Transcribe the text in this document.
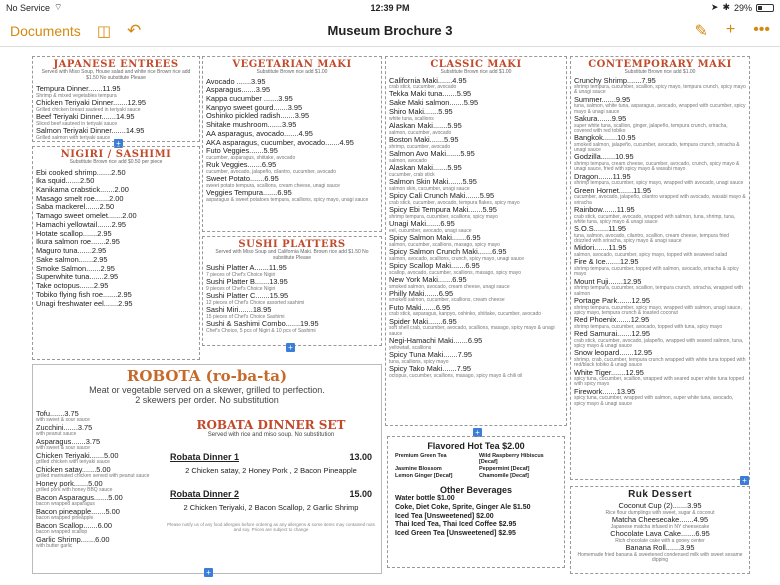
No Service ⌔	12:39 PM	➤ ✱ 29%
Documents ◫ ↶	Museum Brochure 3	✎ + •••
JAPANESE ENTREES
Served with Miso Soup, House salad and white rice Brown rice add $1.50 No substitute Please
Tempura Dinner.......11.95
Shrimp & mixed vegetables tempura
Chicken Teriyaki Dinner.......12.95
Grilled chicken breast sauteed in teriyaki sauce
Beef Teriyaki Dinner.......14.95
Sliced beef sauteed in teriyaki sauce
Salmon Teriyaki Dinner.......14.95
Grilled salmon with teriyaki sauce
+
NIGIRI / SASHIMI
Substitute Brown rice add $0.50 per piece
Ebi cooked shrimp.......2.50
Ika squid.......2.50
Kanikama crabstick.......2.00
Masago smelt roe.......2.00
Saba mackerel.......2.50
Tamago sweet omelet.......2.00
Hamachi yellowtail.......2.95
Hotate scallop.......2.95
Ikura salmon roe.......2.95
Maguro tuna.......2.95
Sake salmon.......2.95
Smoke Salmon.......2.95
Superwhite tuna.......2.95
Take octopus.......2.95
Tobiko flying fish roe.......2.95
Unagi freshwater eel.......2.95
VEGETARIAN MAKI
Substitute Brown rice add $1.00
Avocado .......3.95
Asparagus.......3.95
Kappa cucumber .......3.95
Kanpyo sweet gourd.......3.95
Oshinko pickled radish.......3.95
Shitake mushroom.......3.95
AA asparagus, avocado.......4.95
AKA asparagus, cucumber, avocado.......4.95
Futo Veggies.......5.95
cucumber, asparagus, shiitake, avocado
Ruk Veggies.......6.95
cucumber, avocado, jalapeño, cilantro, cucumber, avocado
Sweet Potato.......6.95
sweet potato tempura, scallions, cream cheese, unagi sauce
Veggies Tempura.......6.95
asparagus & sweet potatoes tempura, scallions, spicy mayo, unagi sauce
SUSHI PLATTERS
Served with Miso Soup and California Maki. Brown rice add $1.50 No substitute Please
Sushi Platter A.......11.95
7 pieces of Chef's Choice Nigiri
Sushi Platter B.......13.95
9 pieces of Chef's Choice Nigiri
Sushi Platter C.......15.95
12 pieces of Chef's Choice assorted sashimi
Sashi Miri.......18.95
15 pieces of Chef's Choice Sashimi
Sushi & Sashimi Combo.......19.95
Chef's Choice, 5 pcs of Nigiri & 10 pcs of Sashimi
+
CLASSIC MAKI
Substitute Brown rice add $1.00
California Maki.......4.95
crab stick, cucumber, avocado
Tekka Maki tuna.......5.95
Sake Maki salmon.......5.95
Shiro Maki.......5.95
white tuna, scallions
Alaskan Maki.......5.95
salmon, cucumber, avocado
Boston Maki.......5.95
shrimp, cucumber, avocado
Salmon Avo Maki.......5.95
salmon, avocado
Alaskan Maki.......5.95
cucumber, crab stick
Salmon Skin Maki.......5.95
salmon skin, cucumber, unagi sauce
Spicy Cali Crunch Maki.......5.95
crab stick, cucumber, avocado, tempura flakes, spicy mayo
Spicy Ebi Tempura Maki.......5.95
shrimp tempura, cucumber, scallions, spicy mayo
Unagi Maki.......6.95
eel, cucumber, avocado, unagi sauce
Spicy Salmon Maki.......6.95
salmon, cucumber, scallions, masago, spicy mayo
Spicy Salmon Crunch Maki.......6.95
salmon, avocado, scallions, crunch, spicy mayo, unagi sauce
Spicy Scallop Maki.......6.95
scallop, avocado, cucumber, scallions, masago, spicy mayo
New York Maki.......6.95
smoked salmon, avocado, cream cheese, unagi sauce
Philly Maki.......6.95
smoked salmon, cucumber, scallions, cream cheese
Futo Maki.......6.95
crab stick, asparagus, kanpyo, oshinko, shiitake, cucumber, avocado
Spider Maki.......6.95
soft shell crab, cucumber, avocado, scallions, masago, spicy mayo & unagi sauce
Negi-Hamachi Maki.......6.95
yellowtail, scallions
Spicy Tuna Maki.......7.95
tuna, scallions, spicy mayo
Spicy Tako Maki.......7.95
octopus, cucumber, scallions, masago, spicy mayo & chili oil
+
CONTEMPORARY MAKI
Substitute Brown rice add $1.00
Crunchy Shrimp.......7.95
shrimp tempura, cucumber, scallion, spicy mayo, tempura crunch, spicy mayo & unagi sauce
Summer.......9.95
tuna, salmon, white tuna, asparagus, avocado, wrapped with cucumber, spicy mayo & unagi sauce
Sakura.......9.95
super white tuna, scallion, ginger, jalapeño, tempura crunch, sriracha, covered with red tobiko
Bangkok.......10.95
smoked salmon, jalapeño, cucumber, avocado, tempura crunch, sriracha & unagi sauce
Godzilla.......10.95
shrimp tempura, cream cheese, cucumber, avocado, crunch, spicy mayo & unagi sauce, fried with spicy mayo & wasabi mayo
Dragon.......11.95
shrimp tempura, cucumber, spicy mayo, wrapped with avocado, unagi sauce
Green Hornet.......11.95
cucumber, avocado, jalapeño, cilantro wrapped with avocado, wasabi mayo & sriracha
Rainbow.......11.95
crab stick, cucumber, avocado, wrapped with salmon, tuna, shrimp, tuna, white tuna, spicy mayo & unagi sauce
S.O.S.......11.95
tuna, salmon, avocado, cilantro, scallion, cream cheese, tempura fried drizzled with sriracha, spicy mayo & unagi sauce
Midori.......11.95
salmon, avocado, cucumber, spicy mayo, topped with seaweed salad
Fire & Ice.......12.95
shrimp tempura, cucumber, topped with salmon, avocado, sriracha & spicy mayo
Mount Fuji.......12.95
shrimp tempura, cucumber, scallion, tempura crunch, sriracha, wrapped with salmon
Portage Park.......12.95
shrimp tempura, cucumber, spicy mayo, wrapped with salmon, unagi sauce, spicy mayo, tempura crunch & toasted coconut
Red Phoenix.......12.95
shrimp tempura, cucumber, avocado, topped with tuna, spicy mayo
Red Samurai.......12.95
crab stick, cucumber, avocado, jalapeño, wrapped with seared salmon, tuna, spicy mayo & unagi sauce
Snow leopard.......12.95
shrimp, crab, cucumber, tempura crunch wrapped with white tuna topped with red/black tobiko & unagi sauce
White Tiger.......12.95
spicy tuna, cucumber, scallion, wrapped with seared super white tuna topped with spicy mayo
Firework.......13.95
spicy tuna, cucumber, wrapped with salmon, super white tuna, avocado, spicy mayo & unagi sauce
+
ROBOTA (ro-ba-ta)
Meat or vegetable served on a skewer, grilled to perfection.
2 skewers per order. No substitution
Tofu.......3.75
with sweet & sour sauce
Zucchini.......3.75
with peanut sauce
Asparagus.......3.75
with sweet & sour sauce
Chicken Teriyaki.......5.00
grilled chicken with teriyaki sauce
Chicken satay.......5.00
grilled marinated chicken served with peanut sauce
Honey pork.......5.00
grilled pork with honey BBQ sauce
Bacon Asparagus.......5.00
bacon wrapped asparagus
Bacon pineapple.......5.00
bacon wrapped pineapple
Bacon Scallop.......6.00
bacon wrapped scallop
Garlic Shrimp.......6.00
with butter garlic
ROBATA DINNER SET
Served with rice and miso soup. No substitution
Robata Dinner 1	13.00
2 Chicken satay, 2 Honey Pork , 2 Bacon Pineapple
Robata Dinner 2	15.00
2 Chicken Teriyaki, 2 Bacon Scallop, 2 Garlic Shrimp
Please notify us of any food allergies before ordering as any allergens & some items may contained nuts and soy. Prices are subject to change
+
Flavored Hot Tea $2.00
Premium Green Tea	Wild Raspberry Hibiscus [Decaf]
Jasmine Blossom	Peppermint [Decaf]
Lemon Ginger [Decaf]	Chamomile [Decaf]
Other Beverages
Water bottle $1.00
Coke, Diet Coke, Sprite, Ginger Ale $1.50
Iced Tea [Unsweetened] $2.00
Thai Iced Tea, Thai Iced Coffee $2.95
Iced Green Tea [Unsweetened] $2.95
Ruk Dessert
Coconut Cup (2).......3.95
Rice flour dumplings with sweet, sugar & coconut
Matcha Cheesecake.......4.95
Japanese matcha infused in NY cheesecake
Chocolate Lava Cake.......6.95
Rich chocolate cake with a gooey center
Banana Roll.......3.95
Homemade fried banana & sweetened condensed milk with sweet sesame dipping
